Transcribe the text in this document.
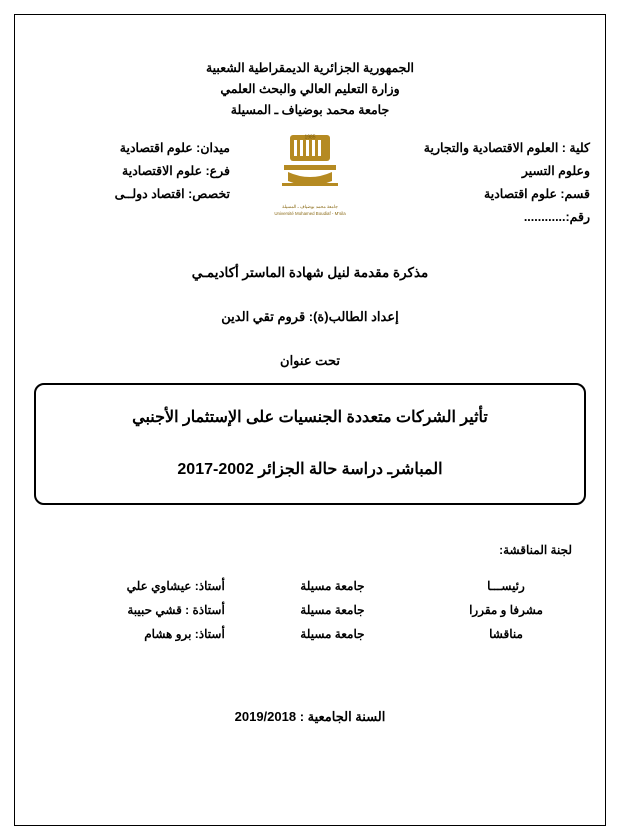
الجمهورية الجزائرية الديمقراطية الشعبية
وزارة التعليم العالي والبحث العلمي
جامعة محمد بوضياف ـ المسيلة
كلية : العلوم الاقتصادية والتجارية
وعلوم التسير
قسم: علوم اقتصادية
رقم:............
1985
جامعة محمد بوضياف ـ المسيلة
Université Mohamed Boudiaf - M'sila
ميدان: علوم اقتصادية
فرع: علوم الاقتصادية
تخصص: اقتصاد دولــى
مذكرة مقدمة لنيل شهادة الماستر أكاديمـي
إعداد الطالب(ة): قروم تقي الدين
تحت عنوان
تأثير الشركات متعددة الجنسيات على الإستثمار الأجنبي
المباشرـ دراسة حالة الجزائر 2002-2017
لجنة المناقشة:
رئيســـا	جامعة مسيلة	أستاذ: عيشاوي علي
مشرفا و مقررا	جامعة مسيلة	أستاذة : قشي حبيبة
مناقشا	جامعة مسيلة	أستاذ: برو هشام
السنة الجامعية : 2019/2018
